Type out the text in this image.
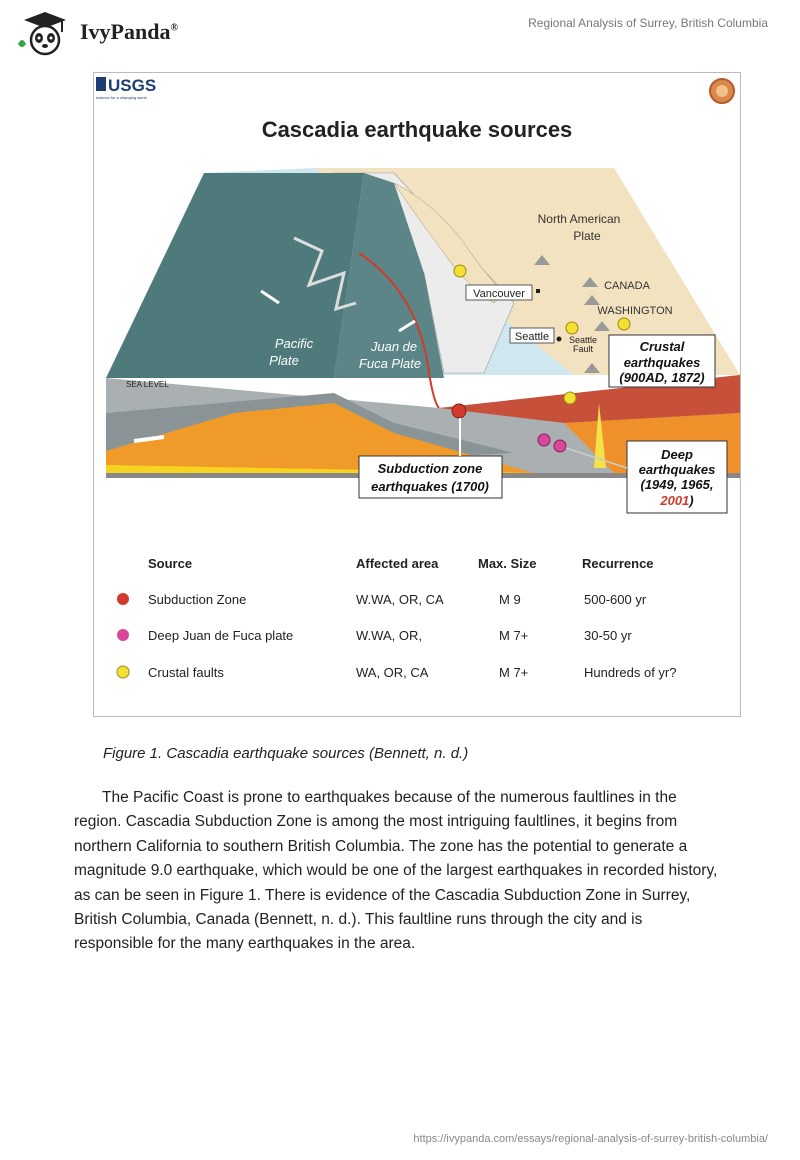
IvyPanda®	Regional Analysis of Surrey, British Columbia
USGS
science for a changing world
Cascadia earthquake sources
North American
Plate
CANADA
WASHINGTON
Vancouver
Seattle Seattle
Fault
Pacific
Plate
Juan de
Fuca Plate
SEA LEVEL
Crustal
earthquakes
(900AD, 1872)
Subduction zone
earthquakes (1700)
Deep
earthquakes
(1949, 1965,
2001)
Source	Affected area	Max. Size	Recurrence
Subduction Zone	W.WA, OR, CA	M 9	500-600 yr
Deep Juan de Fuca plate	W.WA, OR,	M 7+	30-50 yr
Crustal faults	WA, OR, CA	M 7+	Hundreds of yr?
Figure 1. Cascadia earthquake sources (Bennett, n. d.)

The Pacific Coast is prone to earthquakes because of the numerous faultlines in the region. Cascadia Subduction Zone is among the most intriguing faultlines, it begins from northern California to southern British Columbia. The zone has the potential to generate a magnitude 9.0 earthquake, which would be one of the largest earthquakes in recorded history, as can be seen in Figure 1. There is evidence of the Cascadia Subduction Zone in Surrey, British Columbia, Canada (Bennett, n. d.). This faultline runs through the city and is responsible for the many earthquakes in the area.

https://ivypanda.com/essays/regional-analysis-of-surrey-british-columbia/
